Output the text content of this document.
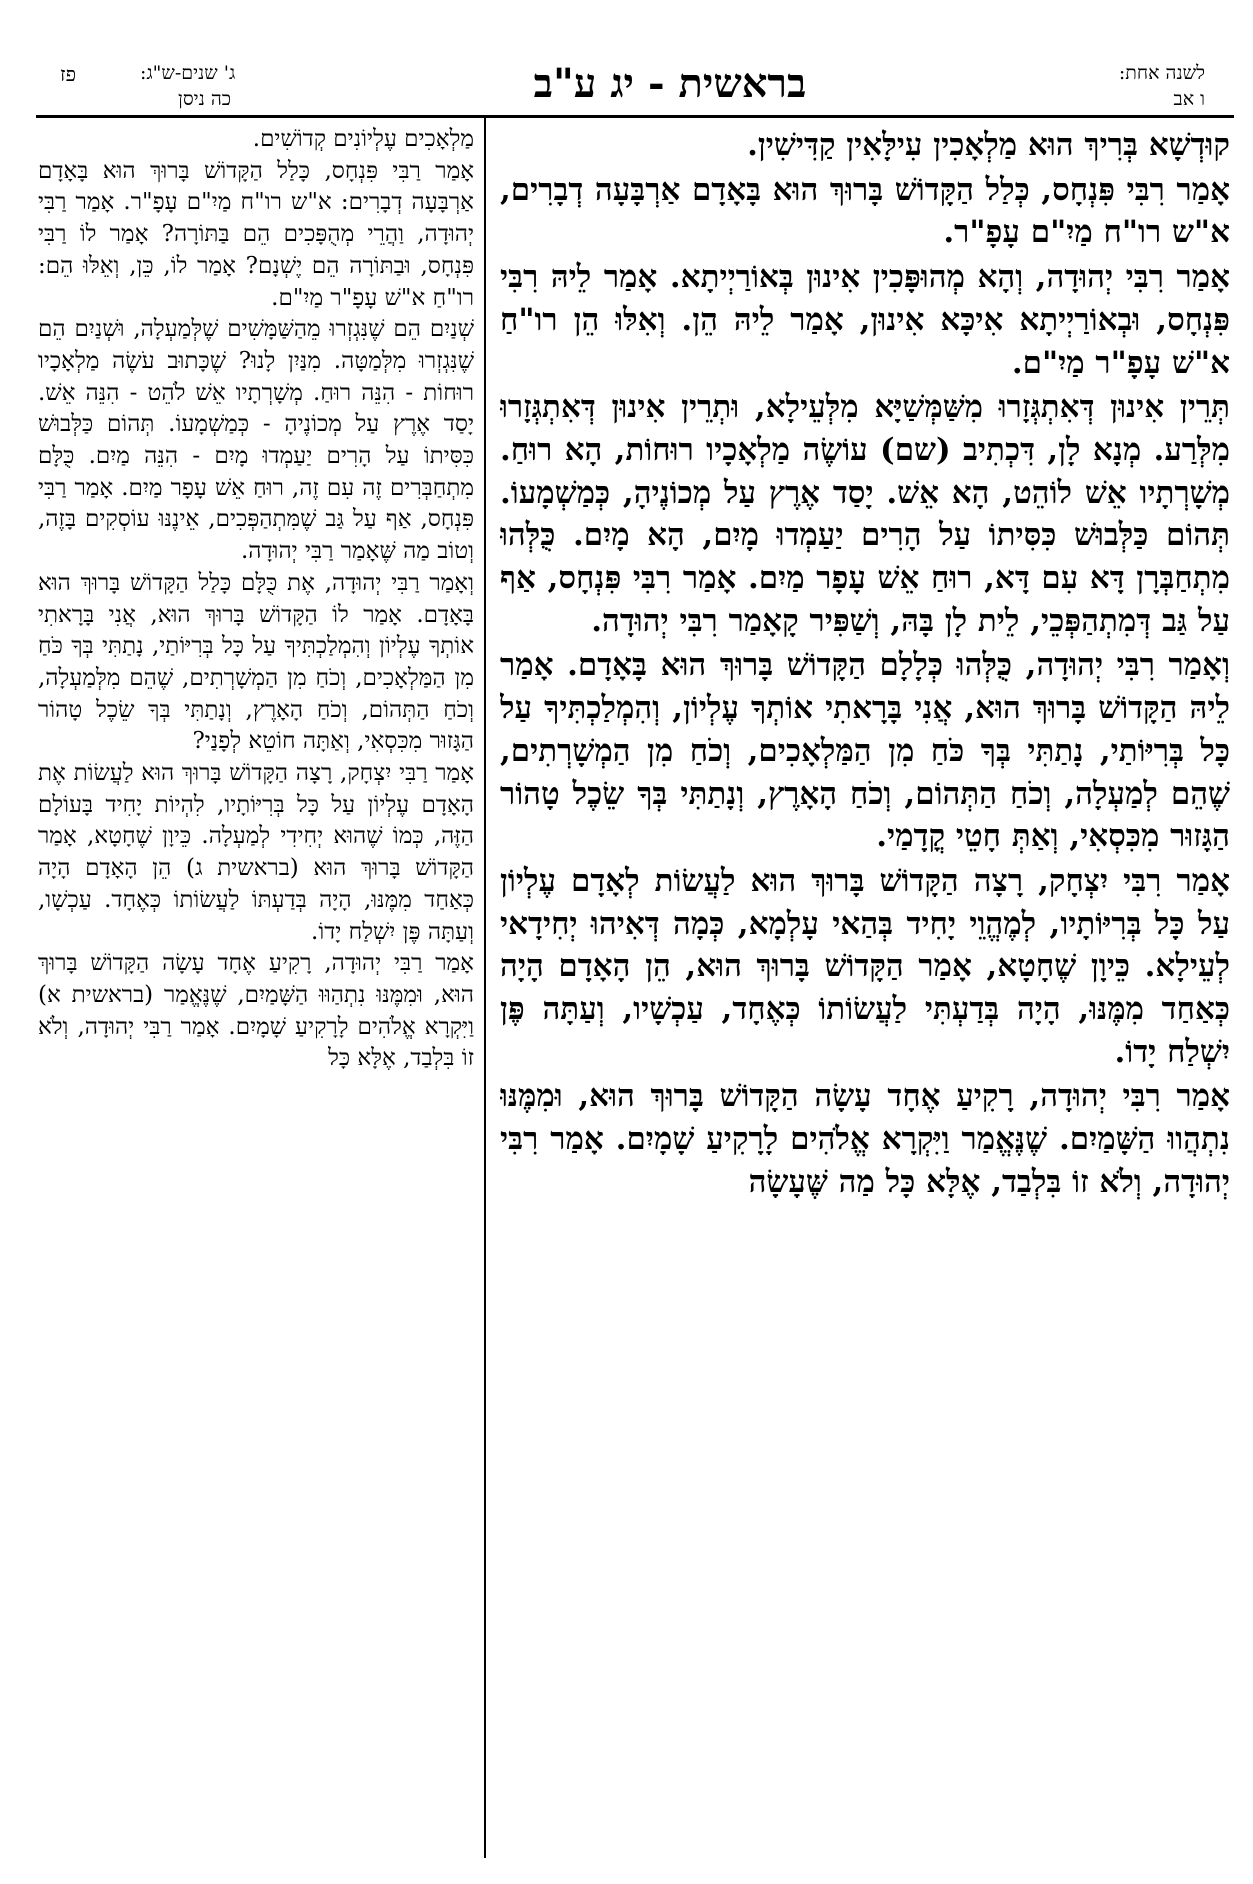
לשנה אחת:
ו אב
בראשית - יג ע"ב
ג' שנים-ש"ג:
כה ניסן
פז

קוּדְשָׁא בְּרִיךְ הוּא מַלְאָכִין עִילָּאִין קַדִּישִׁין.

אָמַר רִבִּי פִּנְחָס, כְּלַל הַקָּדוֹשׁ בָּרוּךְ הוּא בָּאָדָם אַרְבָּעָה דְבָרִים, א"ש רו"ח מַיִ"ם עָפָ"ר.

אָמַר רִבִּי יְהוּדָה, וְהָא מְהוּפָּכִין אִינוּן בְּאוֹרַיְיתָא. אָמַר לֵיהּ רִבִּי פִּנְחָס, וּבְאוֹרַיְיתָא אִיכָּא אִינוּן, אָמַר לֵיהּ הֵן. וְאִלּוּ הֵן רו"חַ א"שׁ עָפָ"ר מַיִ"ם.

תְּרֵין אִינוּן דְּאִתְגְּזָרוּ מִשַּׁמְּשַׁיָּא מִלְּעֵילָא, וּתְרֵין אִינוּן דְּאִתְגְּזָרוּ מִלְּרַע. מְנָא לָן, דִּכְתִיב (שם) עוֹשֶׂה מַלְאָכָיו רוּחוֹת, הָא רוּחַ. מְשָׁרְתָיו אֵשׁ לוֹהֵט, הָא אֵשׁ. יָסַד אֶרֶץ עַל מְכוֹנֶיהָ, כְּמַשְׁמָעוֹ. תְּהוֹם כַּלְּבוּשׁ כִּסִּיתוֹ עַל הָרִים יַעַמְדוּ מָיִם, הָא מָיִם. כֻּלְּהוּ מִתְחַבְּרָן דָּא עִם דָּא, רוּחַ אֵשׁ עָפָר מַיִם. אָמַר רִבִּי פִּנְחָס, אַף עַל גַּב דְּמִתְהַפְּכֵי, לֵית לָן בָּהּ, וְשַׁפִּיר קָאָמַר רִבִּי יְהוּדָה.

וְאָמַר רִבִּי יְהוּדָה, כֻּלְּהוּ כְּלָלָם הַקָּדוֹשׁ בָּרוּךְ הוּא בָּאָדָם. אָמַר לֵיהּ הַקָּדוֹשׁ בָּרוּךְ הוּא, אֲנִי בָּרָאתִי אוֹתְךָ עֶלְיוֹן, וְהִמְלַכְתִּיךָ עַל כָּל בְּרִיּוֹתַי, נָתַתִּי בְּךָ כֹּחַ מִן הַמַּלְאָכִים, וְכֹחַ מִן הַמְשָׁרְתִים, שֶׁהֵם לְמַעְלָה, וְכֹחַ הַתְּהוֹם, וְכֹחַ הָאָרֶץ, וְנָתַתִּי בְּךָ שֵׂכֶל טָהוֹר הַגָּזוּר מִכִּסְאִי, וְאַתְּ חָטֵי קֳדָמַי.

אָמַר רִבִּי יִצְחָק, רָצָה הַקָּדוֹשׁ בָּרוּךְ הוּא לַעֲשׂוֹת לְאָדָם עֶלְיוֹן עַל כָּל בְּרִיּוֹתָיו, לְמֶהֱוֵי יָחִיד בְּהַאי עָלְמָא, כְּמָה דְּאִיהוּ יְחִידָאי לְעֵילָא. כֵּיוָן שֶׁחָטָא, אָמַר הַקָּדוֹשׁ בָּרוּךְ הוּא, הֵן הָאָדָם הָיָה כְּאַחַד מִמֶּנּוּ, הָיָה בְּדַעְתִּי לַעֲשׂוֹתוֹ כְּאֶחָד, עַכְשָׁיו, וְעַתָּה פֶּן יִשְׁלַח יָדוֹ.

אָמַר רִבִּי יְהוּדָה, רָקִיעַ אֶחָד עָשָׂה הַקָּדוֹשׁ בָּרוּךְ הוּא, וּמִמֶּנּוּ נִתְהֲווּ הַשָּׁמַיִם. שֶׁנֶּאֱמַר וַיִּקְרָא אֱלֹהִים לָרָקִיעַ שָׁמָיִם. אָמַר רִבִּי יְהוּדָה, וְלֹא זוֹ בִּלְבַד, אֶלָּא כָּל מַה שֶּׁעָשָׂה

מַלְאָכִים עֶלְיוֹנִים קְדוֹשִׁים.

אָמַר רַבִּי פִּנְחָס, כָּלַל הַקָּדוֹשׁ בָּרוּךְ הוּא בָּאָדָם אַרְבָּעָה דְבָרִים: א"ש רו"ח מַיִ"ם עָפָ"ר. אָמַר רַבִּי יְהוּדָה, וַהֲרֵי מְהֻפָּכִים הֵם בַּתּוֹרָה? אָמַר לוֹ רַבִּי פִּנְחָס, וּבַתּוֹרָה הֵם יֶשְׁנָם? אָמַר לוֹ, כֵּן, וְאֵלּוּ הֵם: רו"חַ א"שׁ עָפָ"ר מַיִ"ם.

שְׁנַיִם הֵם שֶׁנִּגְזְרוּ מֵהַשַּׁמָּשִׁים שֶׁלְּמַעְלָה, וּשְׁנַיִם הֵם שֶׁנִּגְזְרוּ מִלְּמַטָּה. מִנַּיִן לָנוּ? שֶׁכָּתוּב עֹשֶׂה מַלְאָכָיו רוּחוֹת - הִנֵּה רוּחַ. מְשָׁרְתָיו אֵשׁ לֹהֵט - הִנֵּה אֵשׁ. יָסַד אֶרֶץ עַל מְכוֹנֶיהָ - כְּמַשְׁמָעוֹ. תְּהוֹם כַּלְּבוּשׁ כִּסִּיתוֹ עַל הָרִים יַעַמְדוּ מָיִם - הִנֵּה מַיִם. כֻּלָּם מִתְחַבְּרִים זֶה עִם זֶה, רוּחַ אֵשׁ עָפָר מַיִם. אָמַר רַבִּי פִּנְחָס, אַף עַל גַּב שֶׁמִּתְהַפְּכִים, אֵינֶנּוּ עוֹסְקִים בָּזֶה, וְטוֹב מַה שֶּׁאָמַר רַבִּי יְהוּדָה.

וְאָמַר רַבִּי יְהוּדָה, אֶת כֻּלָּם כָּלַל הַקָּדוֹשׁ בָּרוּךְ הוּא בָּאָדָם. אָמַר לוֹ הַקָּדוֹשׁ בָּרוּךְ הוּא, אֲנִי בָּרָאתִי אוֹתְךָ עֶלְיוֹן וְהִמְלַכְתִּיךָ עַל כָּל בְּרִיּוֹתַי, נָתַתִּי בְּךָ כֹּחַ מִן הַמַּלְאָכִים, וְכֹחַ מִן הַמְשָׁרְתִים, שֶׁהֵם מִלְּמַעְלָה, וְכֹחַ הַתְּהוֹם, וְכֹחַ הָאָרֶץ, וְנָתַתִּי בְּךָ שֵׂכֶל טָהוֹר הַגָּזוּר מִכִּסְאִי, וְאַתָּה חוֹטֵא לְפָנַי?

אָמַר רַבִּי יִצְחָק, רָצָה הַקָּדוֹשׁ בָּרוּךְ הוּא לַעֲשׂוֹת אֶת הָאָדָם עֶלְיוֹן עַל כָּל בְּרִיּוֹתָיו, לִהְיוֹת יָחִיד בָּעוֹלָם הַזֶּה, כְּמוֹ שֶׁהוּא יְחִידִי לְמַעְלָה. כֵּיוָן שֶׁחָטָא, אָמַר הַקָּדוֹשׁ בָּרוּךְ הוּא (בראשית ג) הֵן הָאָדָם הָיָה כְּאַחַד מִמֶּנּוּ, הָיָה בְּדַעְתּוֹ לַעֲשׂוֹתוֹ כְּאֶחָד. עַכְשָׁו, וְעַתָּה פֶּן יִשְׁלַח יָדוֹ.

אָמַר רַבִּי יְהוּדָה, רָקִיעַ אֶחָד עָשָׂה הַקָּדוֹשׁ בָּרוּךְ הוּא, וּמִמֶּנּוּ נִתְהַוּוּ הַשָּׁמַיִם, שֶׁנֶּאֱמַר (בראשית א) וַיִּקְרָא אֱלֹהִים לָרָקִיעַ שָׁמָיִם. אָמַר רַבִּי יְהוּדָה, וְלֹא זוֹ בִּלְבַד, אֶלָּא כָּל
